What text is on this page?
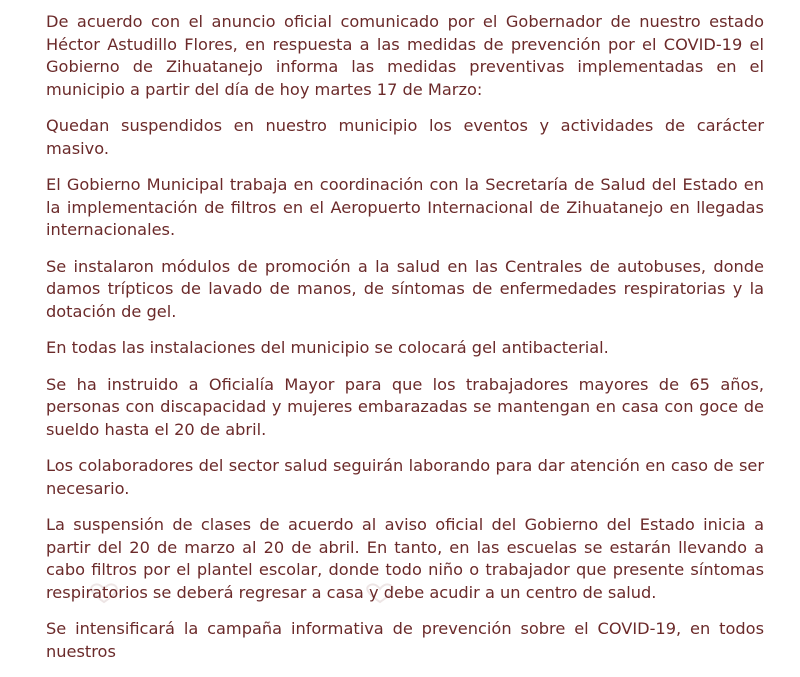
De acuerdo con el anuncio oficial comunicado por el Gobernador de nuestro estado Héctor Astudillo Flores, en respuesta a las medidas de prevención por el COVID-19 el Gobierno de Zihuatanejo informa las medidas preventivas implementadas en el municipio a partir del día de hoy martes 17 de Marzo:

Quedan suspendidos en nuestro municipio los eventos y actividades de carácter masivo.

El Gobierno Municipal trabaja en coordinación con la Secretaría de Salud del Estado en la implementación de filtros en el Aeropuerto Internacional de Zihuatanejo en llegadas internacionales.

Se instalaron módulos de promoción a la salud en las Centrales de autobuses, donde damos trípticos de lavado de manos, de síntomas de enfermedades respiratorias y la dotación de gel.

En todas las instalaciones del municipio se colocará gel antibacterial.

Se ha instruido a Oficialía Mayor para que los trabajadores mayores de 65 años, personas con discapacidad y mujeres embarazadas se mantengan en casa con goce de sueldo hasta el 20 de abril.

Los colaboradores del sector salud seguirán laborando para dar atención en caso de ser necesario.

La suspensión de clases de acuerdo al aviso oficial del Gobierno del Estado inicia a partir del 20 de marzo al 20 de abril. En tanto, en las escuelas se estarán llevando a cabo filtros por el plantel escolar, donde todo niño o trabajador que presente síntomas respiratorios se deberá regresar a casa y debe acudir a un centro de salud.

Se intensificará la campaña informativa de prevención sobre el COVID-19, en todos nuestros
